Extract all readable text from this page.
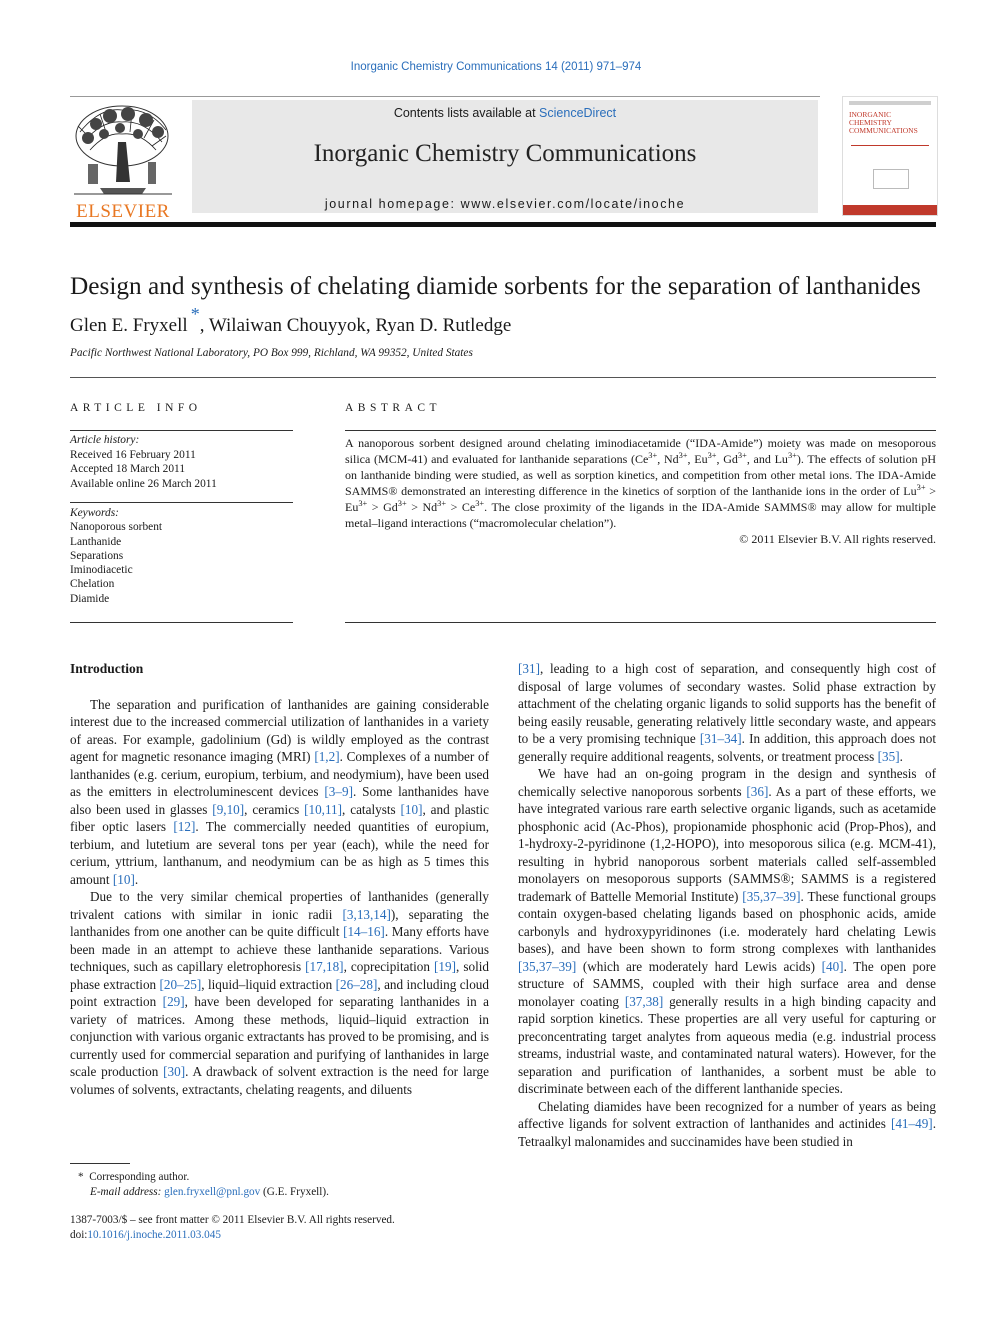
Inorganic Chemistry Communications 14 (2011) 971–974
ELSEVIER
Contents lists available at ScienceDirect
Inorganic Chemistry Communications
journal homepage: www.elsevier.com/locate/inoche
INORGANIC CHEMISTRY COMMUNICATIONS
Design and synthesis of chelating diamide sorbents for the separation of lanthanides
Glen E. Fryxell*, Wilaiwan Chouyyok, Ryan D. Rutledge
Pacific Northwest National Laboratory, PO Box 999, Richland, WA 99352, United States
ARTICLE INFO
Article history:
Received 16 February 2011
Accepted 18 March 2011
Available online 26 March 2011
Keywords:
Nanoporous sorbent
Lanthanide
Separations
Iminodiacetic
Chelation
Diamide
ABSTRACT
A nanoporous sorbent designed around chelating iminodiacetamide (“IDA-Amide”) moiety was made on mesoporous silica (MCM-41) and evaluated for lanthanide separations ($Ce^{3+}$, $Nd^{3+}$, $Eu^{3+}$, $Gd^{3+}$, and $Lu^{3+}$). The effects of solution pH on lanthanide binding were studied, as well as sorption kinetics, and competition from other metal ions. The IDA-Amide SAMMS® demonstrated an interesting difference in the kinetics of sorption of the lanthanide ions in the order of $Lu^{3+} > Eu^{3+} > Gd^{3+} > Nd^{3+} > Ce^{3+}$. The close proximity of the ligands in the IDA-Amide SAMMS® may allow for multiple metal–ligand interactions (“macromolecular chelation”).
© 2011 Elsevier B.V. All rights reserved.
Introduction

The separation and purification of lanthanides are gaining considerable interest due to the increased commercial utilization of lanthanides in a variety of areas. For example, gadolinium (Gd) is wildly employed as the contrast agent for magnetic resonance imaging (MRI) [1,2]. Complexes of a number of lanthanides (e.g. cerium, europium, terbium, and neodymium), have been used as the emitters in electroluminescent devices [3–9]. Some lanthanides have also been used in glasses [9,10], ceramics [10,11], catalysts [10], and plastic fiber optic lasers [12]. The commercially needed quantities of europium, terbium, and lutetium are several tons per year (each), while the need for cerium, yttrium, lanthanum, and neodymium can be as high as 5 times this amount [10].

Due to the very similar chemical properties of lanthanides (generally trivalent cations with similar in ionic radii [3,13,14]), separating the lanthanides from one another can be quite difficult [14–16]. Many efforts have been made in an attempt to achieve these lanthanide separations. Various techniques, such as capillary eletrophoresis [17,18], coprecipitation [19], solid phase extraction [20–25], liquid–liquid extraction [26–28], and including cloud point extraction [29], have been developed for separating lanthanides in a variety of matrices. Among these methods, liquid–liquid extraction in conjunction with various organic extractants has proved to be promising, and is currently used for commercial separation and purifying of lanthanides in large scale production [30]. A drawback of solvent extraction is the need for large volumes of solvents, extractants, chelating reagents, and diluents

[31], leading to a high cost of separation, and consequently high cost of disposal of large volumes of secondary wastes. Solid phase extraction by attachment of the chelating organic ligands to solid supports has the benefit of being easily reusable, generating relatively little secondary waste, and appears to be a very promising technique [31–34]. In addition, this approach does not generally require additional reagents, solvents, or treatment process [35].

We have had an on-going program in the design and synthesis of chemically selective nanoporous sorbents [36]. As a part of these efforts, we have integrated various rare earth selective organic ligands, such as acetamide phosphonic acid (Ac-Phos), propionamide phosphonic acid (Prop-Phos), and 1-hydroxy-2-pyridinone (1,2-HOPO), into mesoporous silica (e.g. MCM-41), resulting in hybrid nanoporous sorbent materials called self-assembled monolayers on mesoporous supports (SAMMS®; SAMMS is a registered trademark of Battelle Memorial Institute) [35,37–39]. These functional groups contain oxygen-based chelating ligands based on phosphonic acids, amide carbonyls and hydroxypyridinones (i.e. moderately hard chelating Lewis bases), and have been shown to form strong complexes with lanthanides [35,37–39] (which are moderately hard Lewis acids) [40]. The open pore structure of SAMMS, coupled with their high surface area and dense monolayer coating [37,38] generally results in a high binding capacity and rapid sorption kinetics. These properties are all very useful for capturing or preconcentrating target analytes from aqueous media (e.g. industrial process streams, industrial waste, and contaminated natural waters). However, for the separation and purification of lanthanides, a sorbent must be able to discriminate between each of the different lanthanide species.

Chelating diamides have been recognized for a number of years as being affective ligands for solvent extraction of lanthanides and actinides [41–49]. Tetraalkyl malonamides and succinamides have been studied in

* Corresponding author.
E-mail address: glen.fryxell@pnl.gov (G.E. Fryxell).
1387-7003/$ – see front matter © 2011 Elsevier B.V. All rights reserved.
doi:10.1016/j.inoche.2011.03.045
